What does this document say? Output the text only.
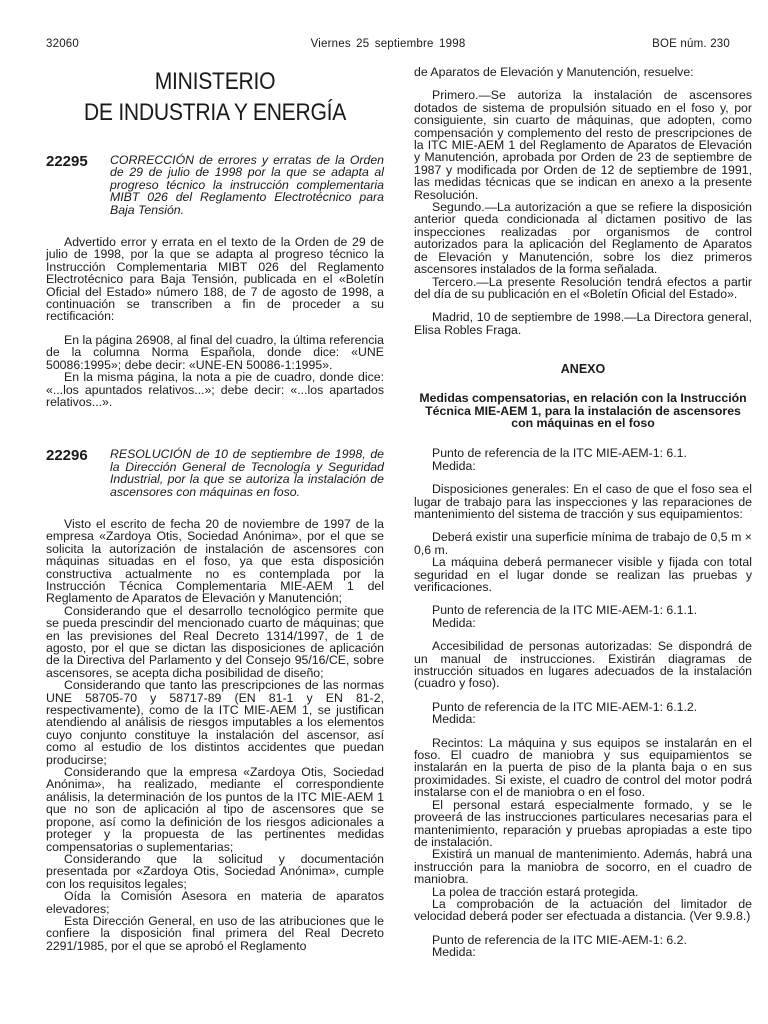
32060	Viernes 25 septiembre 1998	BOE núm. 230
MINISTERIO
DE INDUSTRIA Y ENERGÍA
22295	CORRECCIÓN de errores y erratas de la Orden de 29 de julio de 1998 por la que se adapta al progreso técnico la instrucción complementaria MIBT 026 del Reglamento Electrotécnico para Baja Tensión.

Advertido error y errata en el texto de la Orden de 29 de julio de 1998, por la que se adapta al progreso técnico la Instrucción Complementaria MIBT 026 del Reglamento Electrotécnico para Baja Tensión, publicada en el «Boletín Oficial del Estado» número 188, de 7 de agosto de 1998, a continuación se transcriben a fin de proceder a su rectificación:

En la página 26908, al final del cuadro, la última referencia de la columna Norma Española, donde dice: «UNE 50086:1995»; debe decir: «UNE-EN 50086-1:1995».

En la misma página, la nota a pie de cuadro, donde dice: «...los apuntados relativos...»; debe decir: «...los apartados relativos...».

22296	RESOLUCIÓN de 10 de septiembre de 1998, de la Dirección General de Tecnología y Seguridad Industrial, por la que se autoriza la instalación de ascensores con máquinas en foso.

Visto el escrito de fecha 20 de noviembre de 1997 de la empresa «Zardoya Otis, Sociedad Anónima», por el que se solicita la autorización de instalación de ascensores con máquinas situadas en el foso, ya que esta disposición constructiva actualmente no es contemplada por la Instrucción Técnica Complementaria MIE-AEM 1 del Reglamento de Aparatos de Elevación y Manutención;

Considerando que el desarrollo tecnológico permite que se pueda prescindir del mencionado cuarto de máquinas; que en las previsiones del Real Decreto 1314/1997, de 1 de agosto, por el que se dictan las disposiciones de aplicación de la Directiva del Parlamento y del Consejo 95/16/CE, sobre ascensores, se acepta dicha posibilidad de diseño;

Considerando que tanto las prescripciones de las normas UNE 58705-70 y 58717-89 (EN 81-1 y EN 81-2, respectivamente), como de la ITC MIE-AEM 1, se justifican atendiendo al análisis de riesgos imputables a los elementos cuyo conjunto constituye la instalación del ascensor, así como al estudio de los distintos accidentes que puedan producirse;

Considerando que la empresa «Zardoya Otis, Sociedad Anónima», ha realizado, mediante el correspondiente análisis, la determinación de los puntos de la ITC MIE-AEM 1 que no son de aplicación al tipo de ascensores que se propone, así como la definición de los riesgos adicionales a proteger y la propuesta de las pertinentes medidas compensatorias o suplementarias;

Considerando que la solicitud y documentación presentada por «Zardoya Otis, Sociedad Anónima», cumple con los requisitos legales;

Oída la Comisión Asesora en materia de aparatos elevadores;

Esta Dirección General, en uso de las atribuciones que le confiere la disposición final primera del Real Decreto 2291/1985, por el que se aprobó el Reglamento

de Aparatos de Elevación y Manutención, resuelve:

Primero.—Se autoriza la instalación de ascensores dotados de sistema de propulsión situado en el foso y, por consiguiente, sin cuarto de máquinas, que adopten, como compensación y complemento del resto de prescripciones de la ITC MIE-AEM 1 del Reglamento de Aparatos de Elevación y Manutención, aprobada por Orden de 23 de septiembre de 1987 y modificada por Orden de 12 de septiembre de 1991, las medidas técnicas que se indican en anexo a la presente Resolución.

Segundo.—La autorización a que se refiere la disposición anterior queda condicionada al dictamen positivo de las inspecciones realizadas por organismos de control autorizados para la aplicación del Reglamento de Aparatos de Elevación y Manutención, sobre los diez primeros ascensores instalados de la forma señalada.

Tercero.—La presente Resolución tendrá efectos a partir del día de su publicación en el «Boletín Oficial del Estado».

Madrid, 10 de septiembre de 1998.—La Directora general, Elisa Robles Fraga.

ANEXO
Medidas compensatorias, en relación con la Instrucción Técnica MIE-AEM 1, para la instalación de ascensores con máquinas en el foso

Punto de referencia de la ITC MIE-AEM-1: 6.1.

Medida:

Disposiciones generales: En el caso de que el foso sea el lugar de trabajo para las inspecciones y las reparaciones de mantenimiento del sistema de tracción y sus equipamientos:

Deberá existir una superficie mínima de trabajo de 0,5 m × 0,6 m.

La máquina deberá permanecer visible y fijada con total seguridad en el lugar donde se realizan las pruebas y verificaciones.

Punto de referencia de la ITC MIE-AEM-1: 6.1.1.

Medida:

Accesibilidad de personas autorizadas: Se dispondrá de un manual de instrucciones. Existirán diagramas de instrucción situados en lugares adecuados de la instalación (cuadro y foso).

Punto de referencia de la ITC MIE-AEM-1: 6.1.2.

Medida:

Recintos: La máquina y sus equipos se instalarán en el foso. El cuadro de maniobra y sus equipamientos se instalarán en la puerta de piso de la planta baja o en sus proximidades. Si existe, el cuadro de control del motor podrá instalarse con el de maniobra o en el foso.

El personal estará especialmente formado, y se le proveerá de las instrucciones particulares necesarias para el mantenimiento, reparación y pruebas apropiadas a este tipo de instalación.

Existirá un manual de mantenimiento. Además, habrá una instrucción para la maniobra de socorro, en el cuadro de maniobra.

La polea de tracción estará protegida.

La comprobación de la actuación del limitador de velocidad deberá poder ser efectuada a distancia. (Ver 9.9.8.)

Punto de referencia de la ITC MIE-AEM-1: 6.2.

Medida:
